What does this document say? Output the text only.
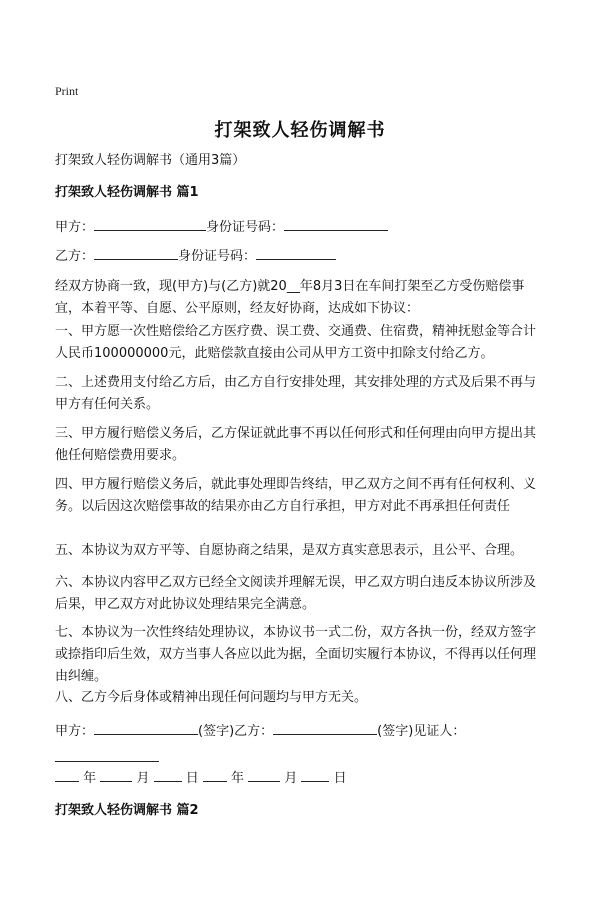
Print
打架致人轻伤调解书
打架致人轻伤调解书（通用3篇）
打架致人轻伤调解书 篇1
甲方：	身份证号码：
乙方：	身份证号码：
经双方协商一致，现(甲方)与(乙方)就20__年8月3日在车间打架至乙方受伤赔偿事宜，本着平等、自愿、公平原则，经友好协商，达成如下协议：
一、甲方愿一次性赔偿给乙方医疗费、误工费、交通费、住宿费，精神抚慰金等合计人民币100000000元，此赔偿款直接由公司从甲方工资中扣除支付给乙方。
二、上述费用支付给乙方后，由乙方自行安排处理，其安排处理的方式及后果不再与甲方有任何关系。
三、甲方履行赔偿义务后，乙方保证就此事不再以任何形式和任何理由向甲方提出其他任何赔偿费用要求。
四、甲方履行赔偿义务后，就此事处理即告终结，甲乙双方之间不再有任何权利、义务。以后因这次赔偿事故的结果亦由乙方自行承担，甲方对此不再承担任何责任
五、本协议为双方平等、自愿协商之结果，是双方真实意思表示，且公平、合理。
六、本协议内容甲乙双方已经全文阅读并理解无误，甲乙双方明白违反本协议所涉及后果，甲乙双方对此协议处理结果完全满意。
七、本协议为一次性终结处理协议，本协议书一式二份，双方各执一份，经双方签字或捺指印后生效，双方当事人各应以此为据，全面切实履行本协议，不得再以任何理由纠缠。
八、乙方今后身体或精神出现任何问题均与甲方无关。
甲方：	(签字)乙方：	(签字)见证人：
年	月	日 年	月	日
打架致人轻伤调解书 篇2
